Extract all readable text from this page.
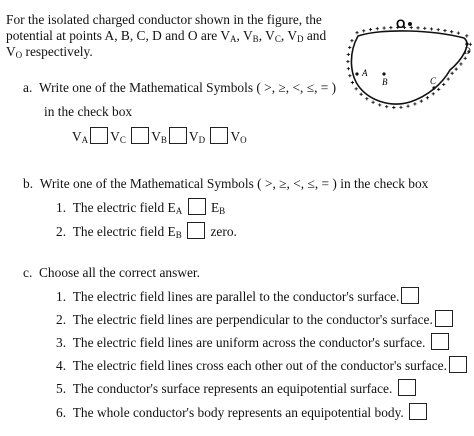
For the isolated charged conductor shown in the figure, the
potential at points A, B, C, D and O are $V_A$, $V_B$, $V_C$, $V_D$ and
$V_O$ respectively.
O
A
B	C
D
a. Write one of the Mathematical Symbols ( >, ≥, <, ≤, = )
in the check box
$V_A$ $V_C$ $V_B$ $V_D$ $V_O$
b. Write one of the Mathematical Symbols ( >, ≥, <, ≤, = ) in the check box
1. The electric field $E_A$ $E_B$
2. The electric field $E_B$ zero.
c. Choose all the correct answer.
1. The electric field lines are parallel to the conductor's surface.
2. The electric field lines are perpendicular to the conductor's surface.
3. The electric field lines are uniform across the conductor's surface.
4. The electric field lines cross each other out of the conductor's surface.
5. The conductor's surface represents an equipotential surface.
6. The whole conductor's body represents an equipotential body.
